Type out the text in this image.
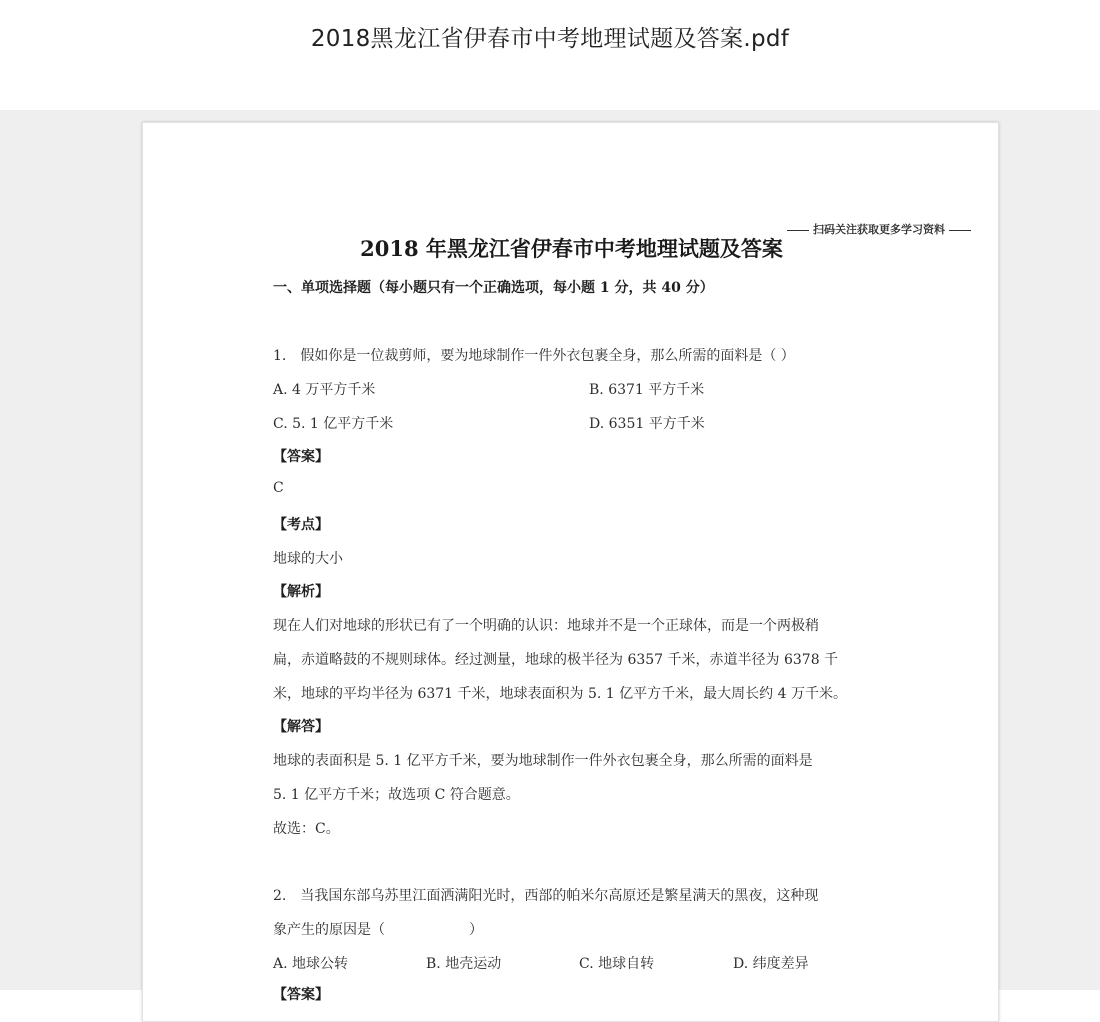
2018黑龙江省伊春市中考地理试题及答案.pdf
扫码关注获取更多学习资料
2018 年黑龙江省伊春市中考地理试题及答案
一、单项选择题（每小题只有一个正确选项，每小题 1 分，共 40 分）
1.　假如你是一位裁剪师，要为地球制作一件外衣包裹全身，那么所需的面料是（ ）
A. 4 万平方千米	B. 6371 平方千米
C. 5. 1 亿平方千米	D. 6351 平方千米
【答案】
C
【考点】
地球的大小
【解析】
现在人们对地球的形状已有了一个明确的认识：地球并不是一个正球体，而是一个两极稍
扁，赤道略鼓的不规则球体。经过测量，地球的极半径为 6357 千米，赤道半径为 6378 千
米，地球的平均半径为 6371 千米，地球表面积为 5. 1 亿平方千米，最大周长约 4 万千米。
【解答】
地球的表面积是 5. 1 亿平方千米，要为地球制作一件外衣包裹全身，那么所需的面料是
5. 1 亿平方千米；故选项 C 符合题意。
故选：C。
2.　当我国东部乌苏里江面洒满阳光时，西部的帕米尔高原还是繁星满天的黑夜，这种现
象产生的原因是（　　　　　　）
A. 地球公转	B. 地壳运动	C. 地球自转	D. 纬度差异
【答案】
